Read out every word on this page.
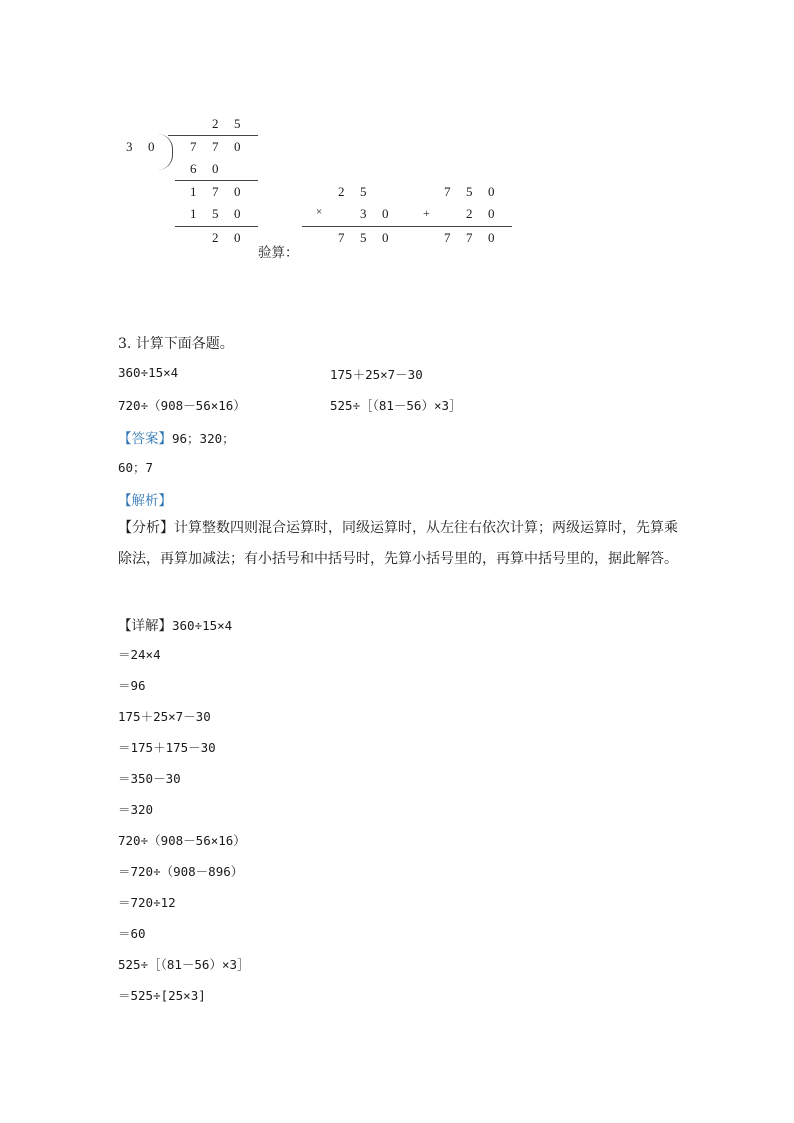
2 5
3 0	7 7 0
6 0
1 7 0
1 5 0
2 0
验算：
2 5
×	3 0
7 5 0
7 5 0
+	2 0
7 7 0
3. 计算下面各题。
360÷15×4	175＋25×7－30
720÷（908－56×16）	525÷［（81－56）×3］
【答案】96；320；
60；7
【解析】
【分析】计算整数四则混合运算时，同级运算时，从左往右依次计算；两级运算时，先算乘除法，再算加减法；有小括号和中括号时，先算小括号里的，再算中括号里的，据此解答。
【详解】360÷15×4
＝24×4
＝96
175＋25×7－30
＝175＋175－30
＝350－30
＝320
720÷（908－56×16）
＝720÷（908－896）
＝720÷12
＝60
525÷［（81－56）×3］
＝525÷[25×3]
